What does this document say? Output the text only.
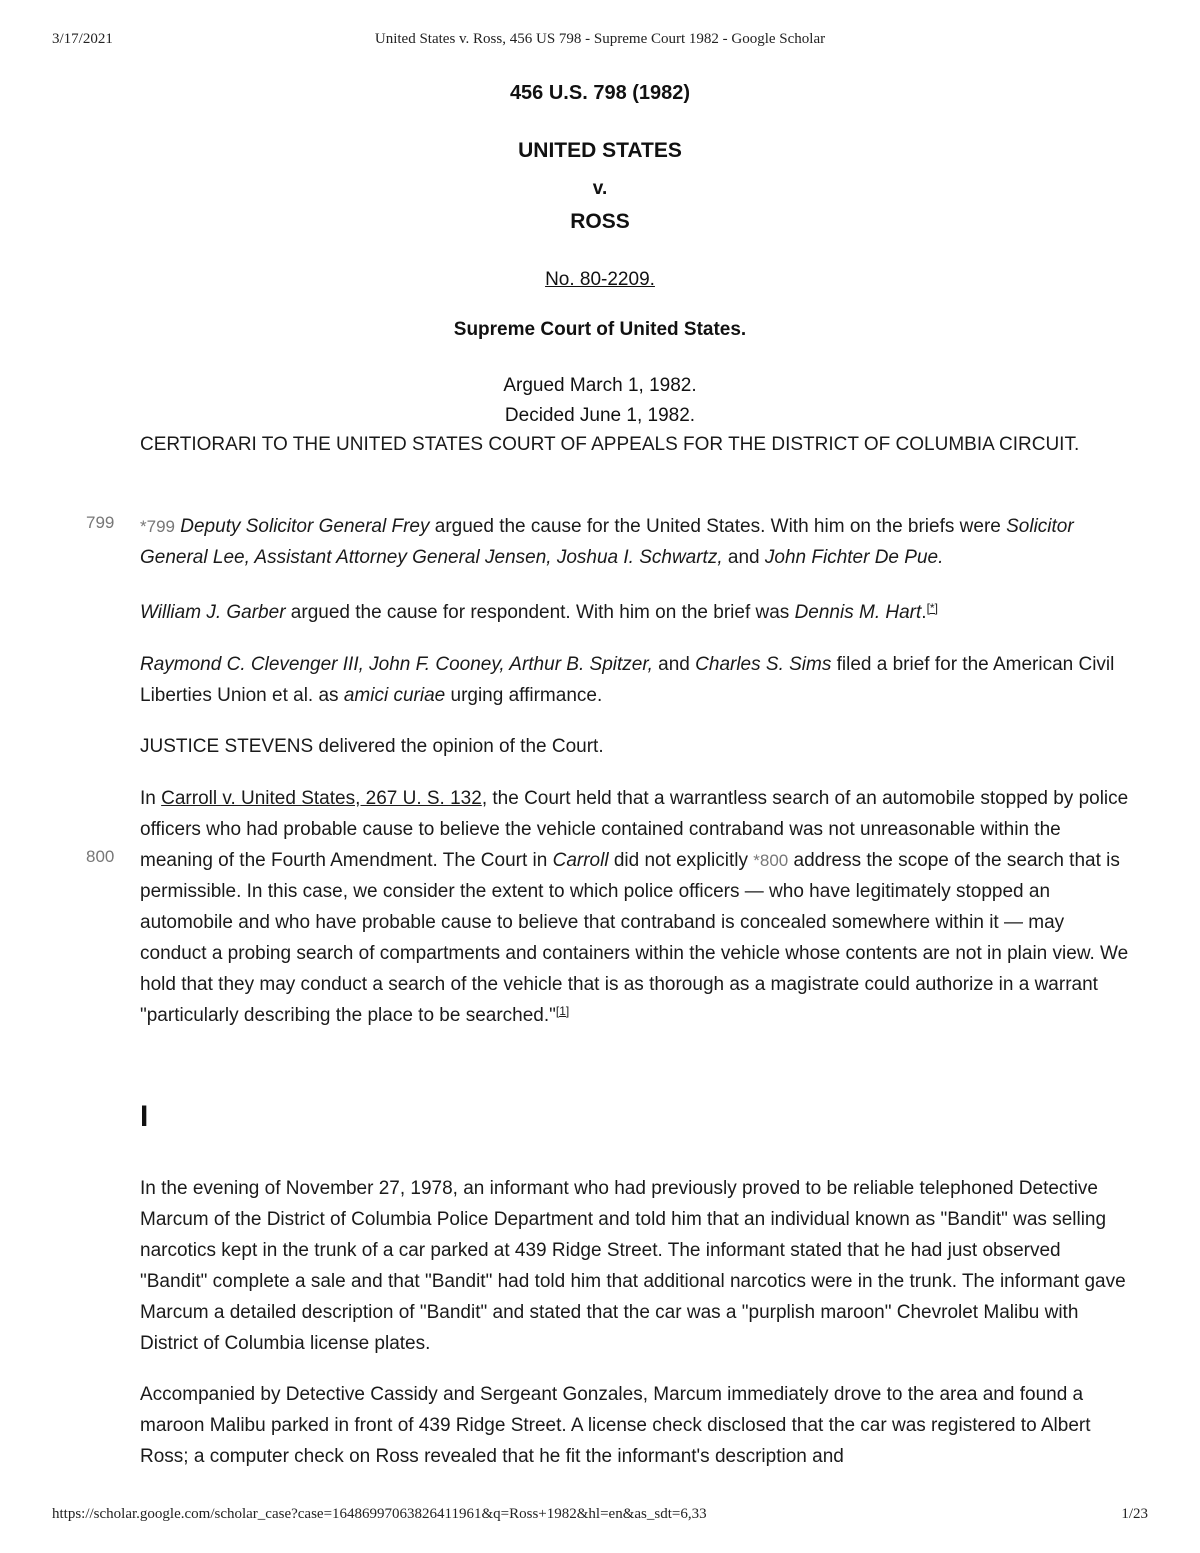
3/17/2021	United States v. Ross, 456 US 798 - Supreme Court 1982 - Google Scholar
456 U.S. 798 (1982)
UNITED STATES
v.
ROSS
No. 80-2209.
Supreme Court of United States.
Argued March 1, 1982.
Decided June 1, 1982.
CERTIORARI TO THE UNITED STATES COURT OF APPEALS FOR THE DISTRICT OF COLUMBIA CIRCUIT.
799 *799 Deputy Solicitor General Frey argued the cause for the United States. With him on the briefs were Solicitor General Lee, Assistant Attorney General Jensen, Joshua I. Schwartz, and John Fichter De Pue.

William J. Garber argued the cause for respondent. With him on the brief was Dennis M. Hart.[*]

Raymond C. Clevenger III, John F. Cooney, Arthur B. Spitzer, and Charles S. Sims filed a brief for the American Civil Liberties Union et al. as amici curiae urging affirmance.

JUSTICE STEVENS delivered the opinion of the Court.
800

In Carroll v. United States, 267 U. S. 132, the Court held that a warrantless search of an automobile stopped by police officers who had probable cause to believe the vehicle contained contraband was not unreasonable within the meaning of the Fourth Amendment. The Court in Carroll did not explicitly *800 address the scope of the search that is permissible. In this case, we consider the extent to which police officers — who have legitimately stopped an automobile and who have probable cause to believe that contraband is concealed somewhere within it — may conduct a probing search of compartments and containers within the vehicle whose contents are not in plain view. We hold that they may conduct a search of the vehicle that is as thorough as a magistrate could authorize in a warrant "particularly describing the place to be searched."[1]

I
In the evening of November 27, 1978, an informant who had previously proved to be reliable telephoned Detective Marcum of the District of Columbia Police Department and told him that an individual known as "Bandit" was selling narcotics kept in the trunk of a car parked at 439 Ridge Street. The informant stated that he had just observed "Bandit" complete a sale and that "Bandit" had told him that additional narcotics were in the trunk. The informant gave Marcum a detailed description of "Bandit" and stated that the car was a "purplish maroon" Chevrolet Malibu with District of Columbia license plates.
Accompanied by Detective Cassidy and Sergeant Gonzales, Marcum immediately drove to the area and found a maroon Malibu parked in front of 439 Ridge Street. A license check disclosed that the car was registered to Albert Ross; a computer check on Ross revealed that he fit the informant's description and
https://scholar.google.com/scholar_case?case=16486997063826411961&q=Ross+1982&hl=en&as_sdt=6,33	1/23
